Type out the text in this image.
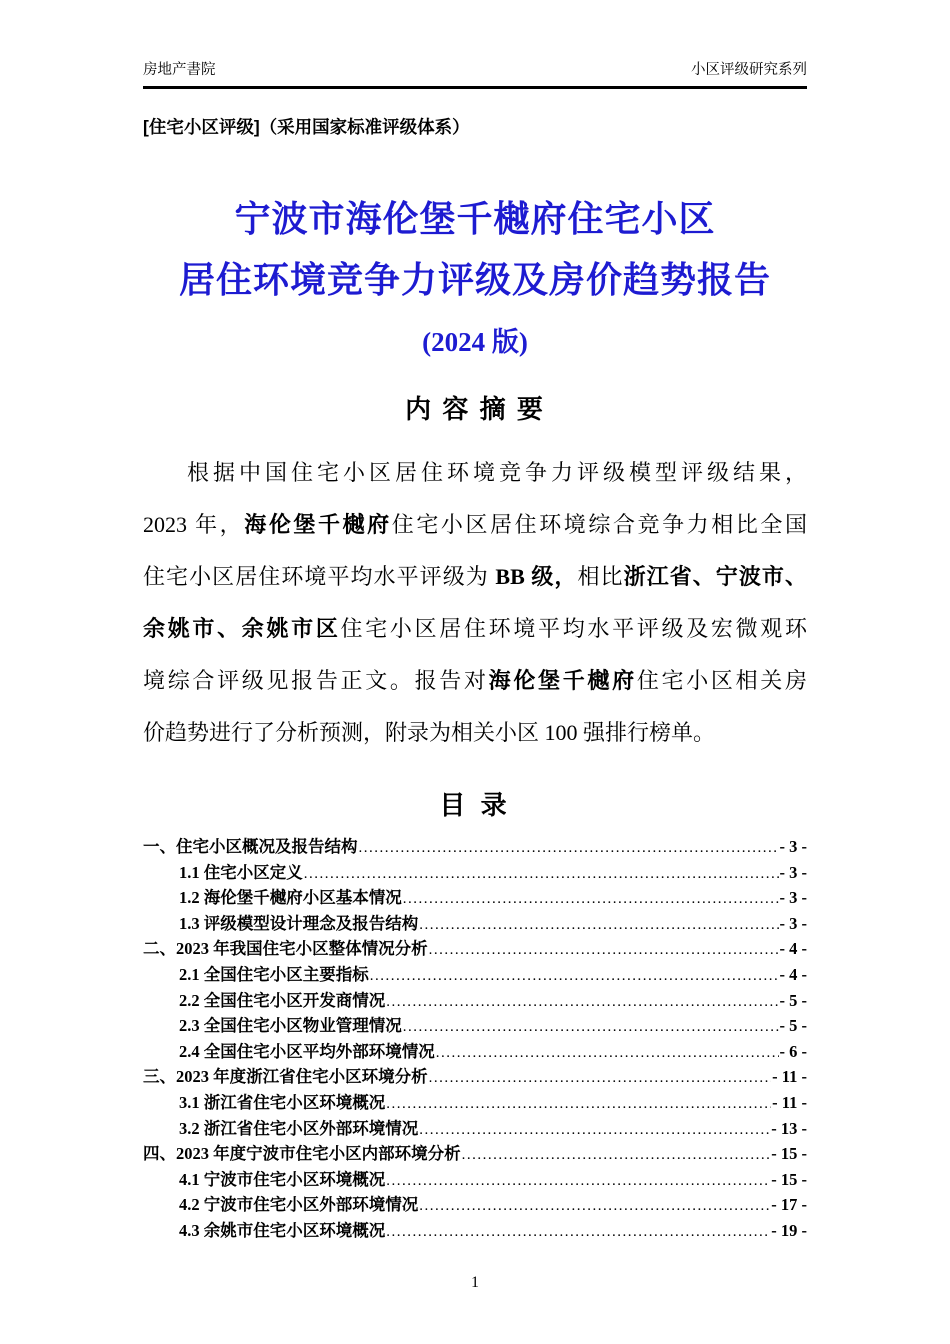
房地产書院	小区评级研究系列
[住宅小区评级]（采用国家标准评级体系）
宁波市海伦堡千樾府住宅小区
居住环境竞争力评级及房价趋势报告
(2024 版)
内 容 摘 要
根据中国住宅小区居住环境竞争力评级模型评级结果，
2023 年，海伦堡千樾府住宅小区居住环境综合竞争力相比全国
住宅小区居住环境平均水平评级为 BB 级，相比浙江省、宁波市、
余姚市、余姚市区住宅小区居住环境平均水平评级及宏微观环
境综合评级见报告正文。报告对海伦堡千樾府住宅小区相关房
价趋势进行了分析预测，附录为相关小区 100 强排行榜单。
目 录
一、住宅小区概况及报告结构 .....	- 3 -
1.1 住宅小区定义 .....	- 3 -
1.2 海伦堡千樾府小区基本情况 .....	- 3 -
1.3 评级模型设计理念及报告结构 .....	- 3 -
二、2023 年我国住宅小区整体情况分析 .....	- 4 -
2.1 全国住宅小区主要指标 .....	- 4 -
2.2 全国住宅小区开发商情况 .....	- 5 -
2.3 全国住宅小区物业管理情况 .....	- 5 -
2.4 全国住宅小区平均外部环境情况 .....	- 6 -
三、2023 年度浙江省住宅小区环境分析 .....	- 11 -
3.1 浙江省住宅小区环境概况 .....	- 11 -
3.2 浙江省住宅小区外部环境情况 .....	- 13 -
四、2023 年度宁波市住宅小区内部环境分析 .....	- 15 -
4.1 宁波市住宅小区环境概况 .....	- 15 -
4.2 宁波市住宅小区外部环境情况 .....	- 17 -
4.3 余姚市住宅小区环境概况 .....	- 19 -
1
